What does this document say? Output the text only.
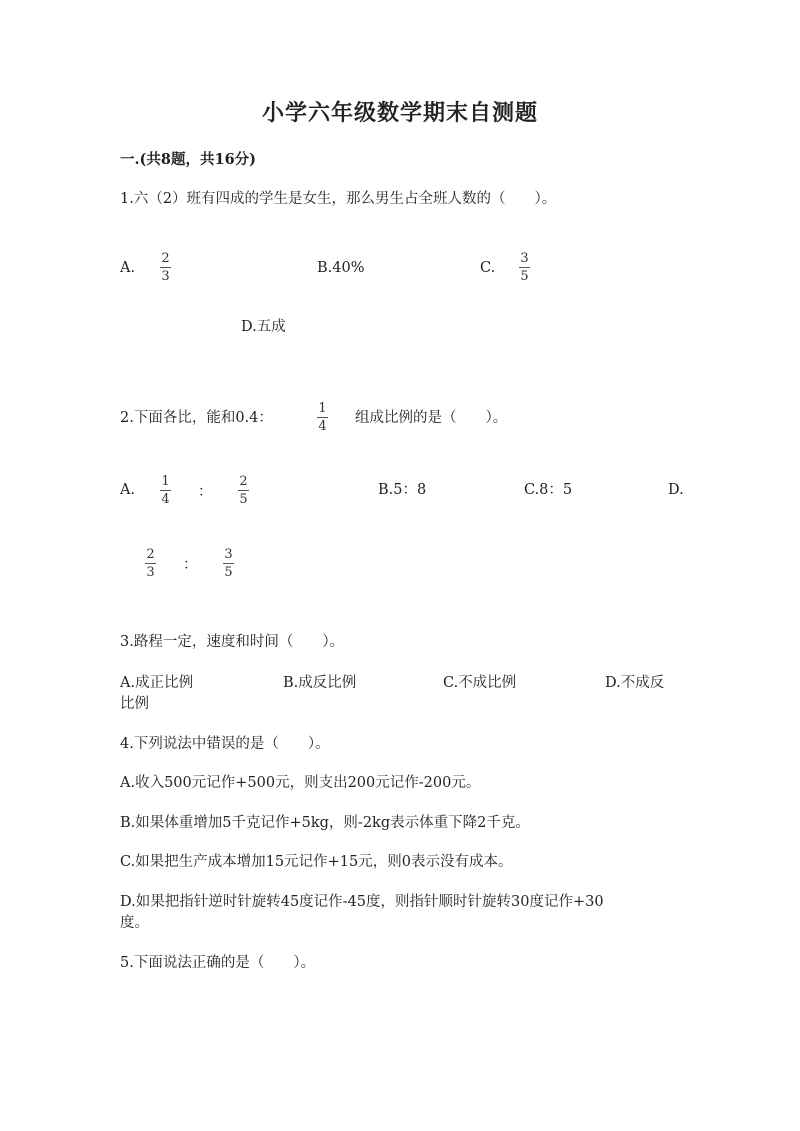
小学六年级数学期末自测题
一.(共8题，共16分)
1.六（2）班有四成的学生是女生，那么男生占全班人数的（　　）。
A.
2
3
B.40%	C.
3
5
D.五成
2.下面各比，能和0.4：
1
4
组成比例的是（　　）。
A.
1
4 ：
2
5
B.5：8	C.8：5	D.
2
3 ：
3
5
3.路程一定，速度和时间（　　）。
A.成正比例	B.成反比例	C.不成比例	D.不成反
比例
4.下列说法中错误的是（　　）。
A.收入500元记作+500元，则支出200元记作-200元。
B.如果体重增加5千克记作+5kg，则-2kg表示体重下降2千克。
C.如果把生产成本增加15元记作+15元，则0表示没有成本。
D.如果把指针逆时针旋转45度记作-45度，则指针顺时针旋转30度记作+30
度。
5.下面说法正确的是（　　）。
